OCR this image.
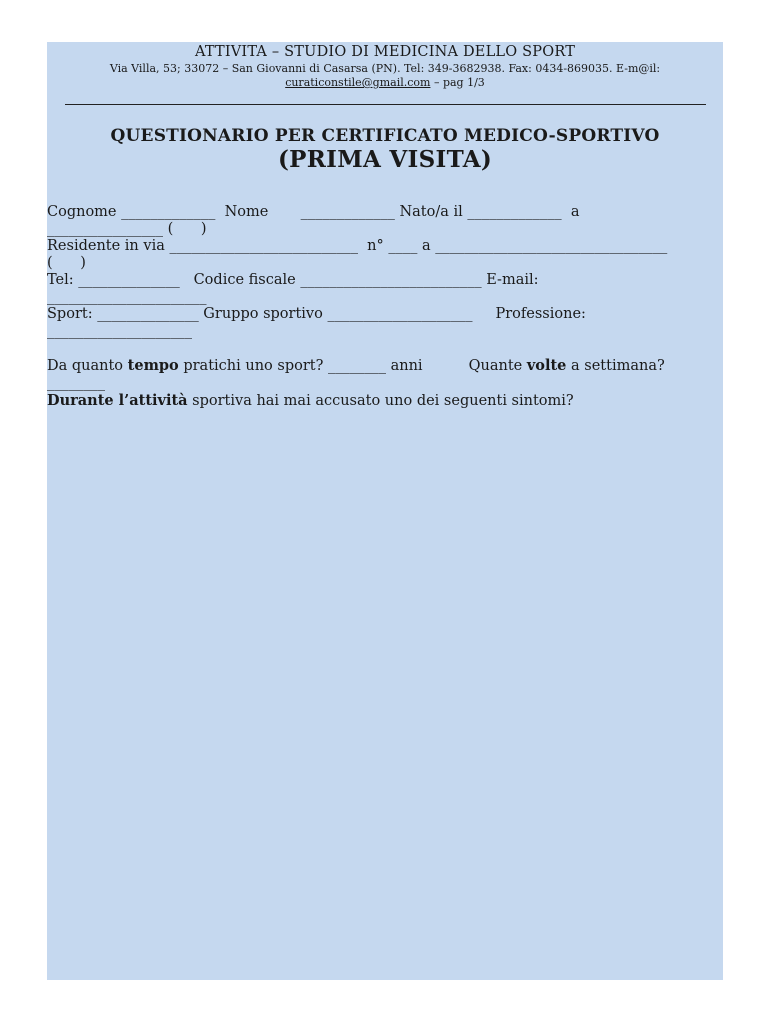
ATTIVITA – STUDIO DI MEDICINA DELLO SPORT
Via Villa, 53; 33072 – San Giovanni di Casarsa (PN). Tel: 349-3682938. Fax: 0434-869035. E-m@il:
curaticonstile@gmail.com – pag 1/3
QUESTIONARIO PER CERTIFICATO MEDICO-SPORTIVO
(PRIMA VISITA)
Cognome _____________  Nome       _____________ Nato/a il _____________  a
________________ (      )
Residente in via __________________________  n° ____ a ________________________________
(      )
Tel: ______________   Codice fiscale _________________________ E-mail:
______________________
Sport: ______________ Gruppo sportivo ____________________     Professione:
____________________
Da quanto tempo pratichi uno sport? ________ anni          Quante volte a settimana?
________
Durante l’attività sportiva hai mai accusato uno dei seguenti sintomi?
